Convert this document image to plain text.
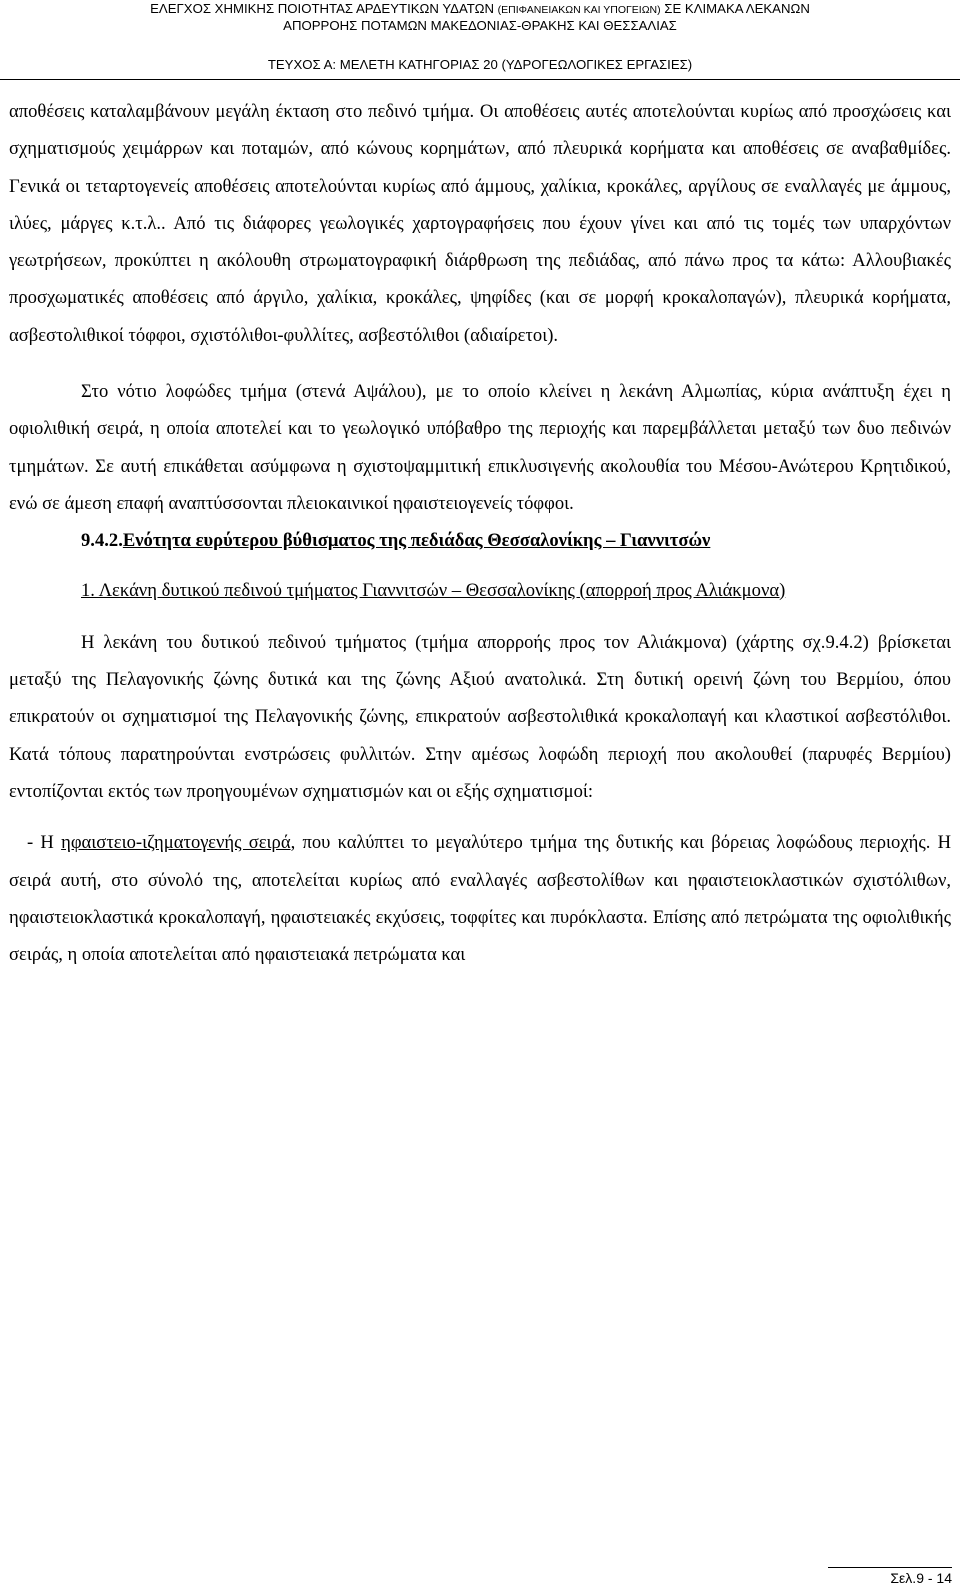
ΕΛΕΓΧΟΣ ΧΗΜΙΚΗΣ ΠΟΙΟΤΗΤΑΣ ΑΡΔΕΥΤΙΚΩΝ ΥΔΑΤΩΝ (ΕΠΙΦΑΝΕΙΑΚΩΝ ΚΑΙ ΥΠΟΓΕΙΩΝ) ΣΕ ΚΛΙΜΑΚΑ ΛΕΚΑΝΩΝ
ΑΠΟΡΡΟΗΣ ΠΟΤΑΜΩΝ ΜΑΚΕΔΟΝΙΑΣ-ΘΡΑΚΗΣ ΚΑΙ ΘΕΣΣΑΛΙΑΣ
ΤΕΥΧΟΣ Α: ΜΕΛΕΤΗ ΚΑΤΗΓΟΡΙΑΣ 20 (ΥΔΡΟΓΕΩΛΟΓΙΚΕΣ ΕΡΓΑΣΙΕΣ)

αποθέσεις καταλαμβάνουν μεγάλη έκταση στο πεδινό τμήμα. Οι αποθέσεις αυτές αποτελούνται κυρίως από προσχώσεις και σχηματισμούς χειμάρρων και ποταμών, από κώνους κορημάτων, από πλευρικά κορήματα και αποθέσεις σε αναβαθμίδες. Γενικά οι τεταρτογενείς αποθέσεις αποτελούνται κυρίως από άμμους, χαλίκια, κροκάλες, αργίλους σε εναλλαγές με άμμους, ιλύες, μάργες κ.τ.λ.. Από τις διάφορες γεωλογικές χαρτογραφήσεις που έχουν γίνει και από τις τομές των υπαρχόντων γεωτρήσεων, προκύπτει η ακόλουθη στρωματογραφική διάρθρωση της πεδιάδας, από πάνω προς τα κάτω: Αλλουβιακές προσχωματικές αποθέσεις από άργιλο, χαλίκια, κροκάλες, ψηφίδες (και σε μορφή κροκαλοπαγών), πλευρικά κορήματα, ασβεστολιθικοί τόφφοι, σχιστόλιθοι-φυλλίτες, ασβεστόλιθοι (αδιαίρετοι).

Στο νότιο λοφώδες τμήμα (στενά Αψάλου), με το οποίο κλείνει η λεκάνη Αλμωπίας, κύρια ανάπτυξη έχει η οφιολιθική σειρά, η οποία αποτελεί και το γεωλογικό υπόβαθρο της περιοχής και παρεμβάλλεται μεταξύ των δυο πεδινών τμημάτων. Σε αυτή επικάθεται ασύμφωνα η σχιστοψαμμιτική επικλυσιγενής ακολουθία του Μέσου-Ανώτερου Κρητιδικού, ενώ σε άμεση επαφή αναπτύσσονται πλειοκαινικοί ηφαιστειογενείς τόφφοι.

9.4.2.Ενότητα ευρύτερου βύθισματος της πεδιάδας Θεσσαλονίκης – Γιαννιτσών

1. Λεκάνη δυτικού πεδινού τμήματος Γιαννιτσών – Θεσσαλονίκης (απορροή προς Αλιάκμονα)

Η λεκάνη του δυτικού πεδινού τμήματος (τμήμα απορροής προς τον Αλιάκμονα) (χάρτης σχ.9.4.2) βρίσκεται μεταξύ της Πελαγονικής ζώνης δυτικά και της ζώνης Αξιού ανατολικά. Στη δυτική ορεινή ζώνη του Βερμίου, όπου επικρατούν οι σχηματισμοί της Πελαγονικής ζώνης, επικρατούν ασβεστολιθικά κροκαλοπαγή και κλαστικοί ασβεστόλιθοι. Κατά τόπους παρατηρούνται ενστρώσεις φυλλιτών. Στην αμέσως λοφώδη περιοχή που ακολουθεί (παρυφές Βερμίου) εντοπίζονται εκτός των προηγουμένων σχηματισμών και οι εξής σχηματισμοί:

- Η ηφαιστειο-ιζηματογενής σειρά, που καλύπτει το μεγαλύτερο τμήμα της δυτικής και βόρειας λοφώδους περιοχής. Η σειρά αυτή, στο σύνολό της, αποτελείται κυρίως από εναλλαγές ασβεστολίθων και ηφαιστειοκλαστικών σχιστόλιθων, ηφαιστειοκλαστικά κροκαλοπαγή, ηφαιστειακές εκχύσεις, τοφφίτες και πυρόκλαστα. Επίσης από πετρώματα της οφιολιθικής σειράς, η οποία αποτελείται από ηφαιστειακά πετρώματα και

Σελ.9 - 14
